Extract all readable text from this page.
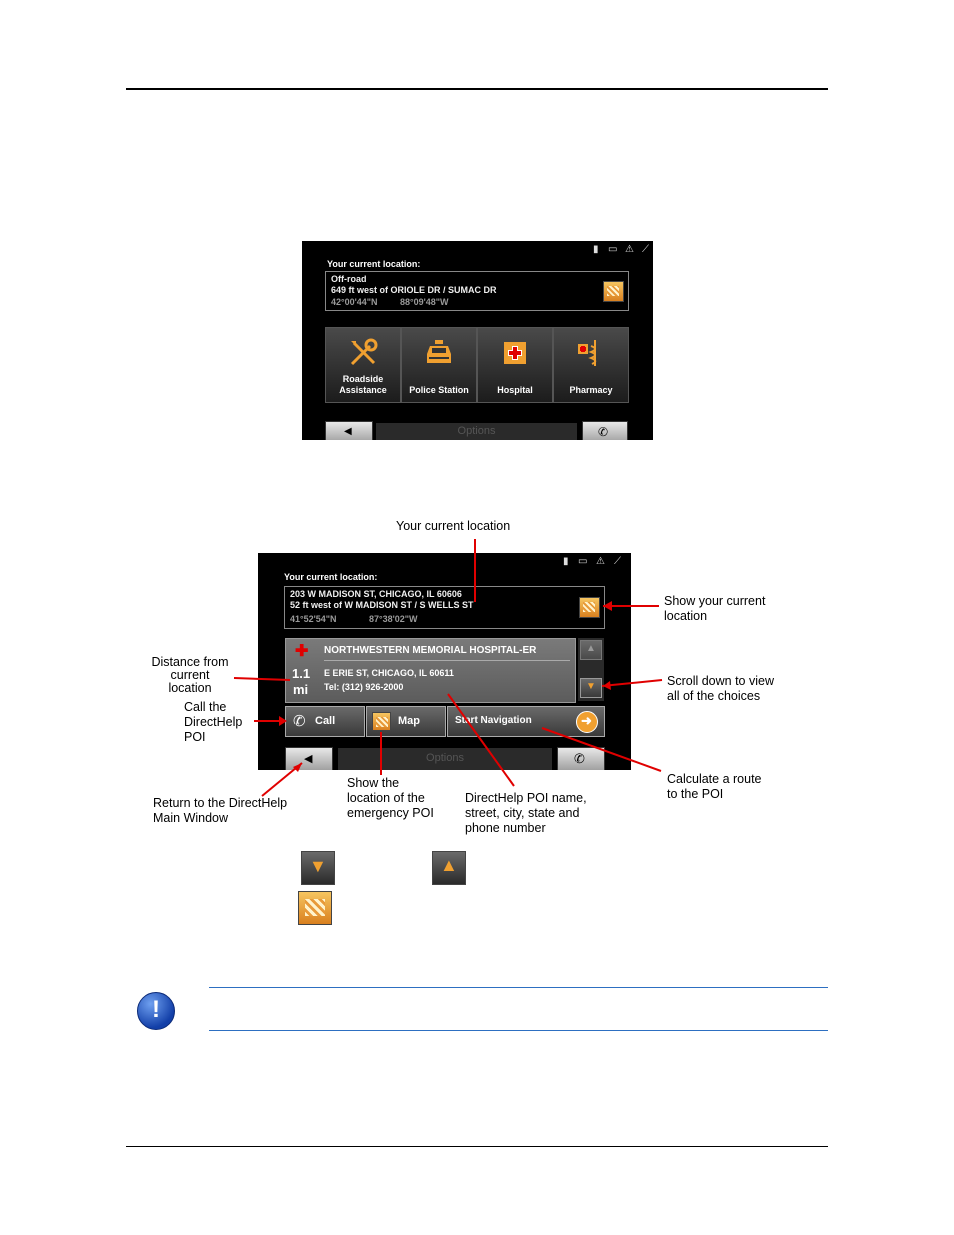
▮ ▭ ⚠ ⟋
Your current location:
Off-road
649 ft west of ORIOLE DR / SUMAC DR
42°00'44"N 88°09'48"W
Roadside Assistance	Police Station	Hospital	Pharmacy
◀	Options	✆
▮ ▭ ⚠ ⟋
Your current location:
203 W MADISON ST, CHICAGO, IL 60606
52 ft west of W MADISON ST / S WELLS ST
41°52'54"N	87°38'02"W
✚ NORTHWESTERN MEMORIAL HOSPITAL-ER
1.1
mi
E ERIE ST, CHICAGO, IL 60611
Tel: (312) 926-2000
▲
▼
✆ Call	Map	Start Navigation	➜
◀	Options	✆
Your current location
Show your current
location
Distance from
current
location	Scroll down to view
all of the choices
Call the
DirectHelp
POI
Calculate a route
to the POI
Return to the DirectHelp
Main Window
Show the
location of the
emergency POI
DirectHelp POI name,
street, city, state and
phone number
▼	▲
!
